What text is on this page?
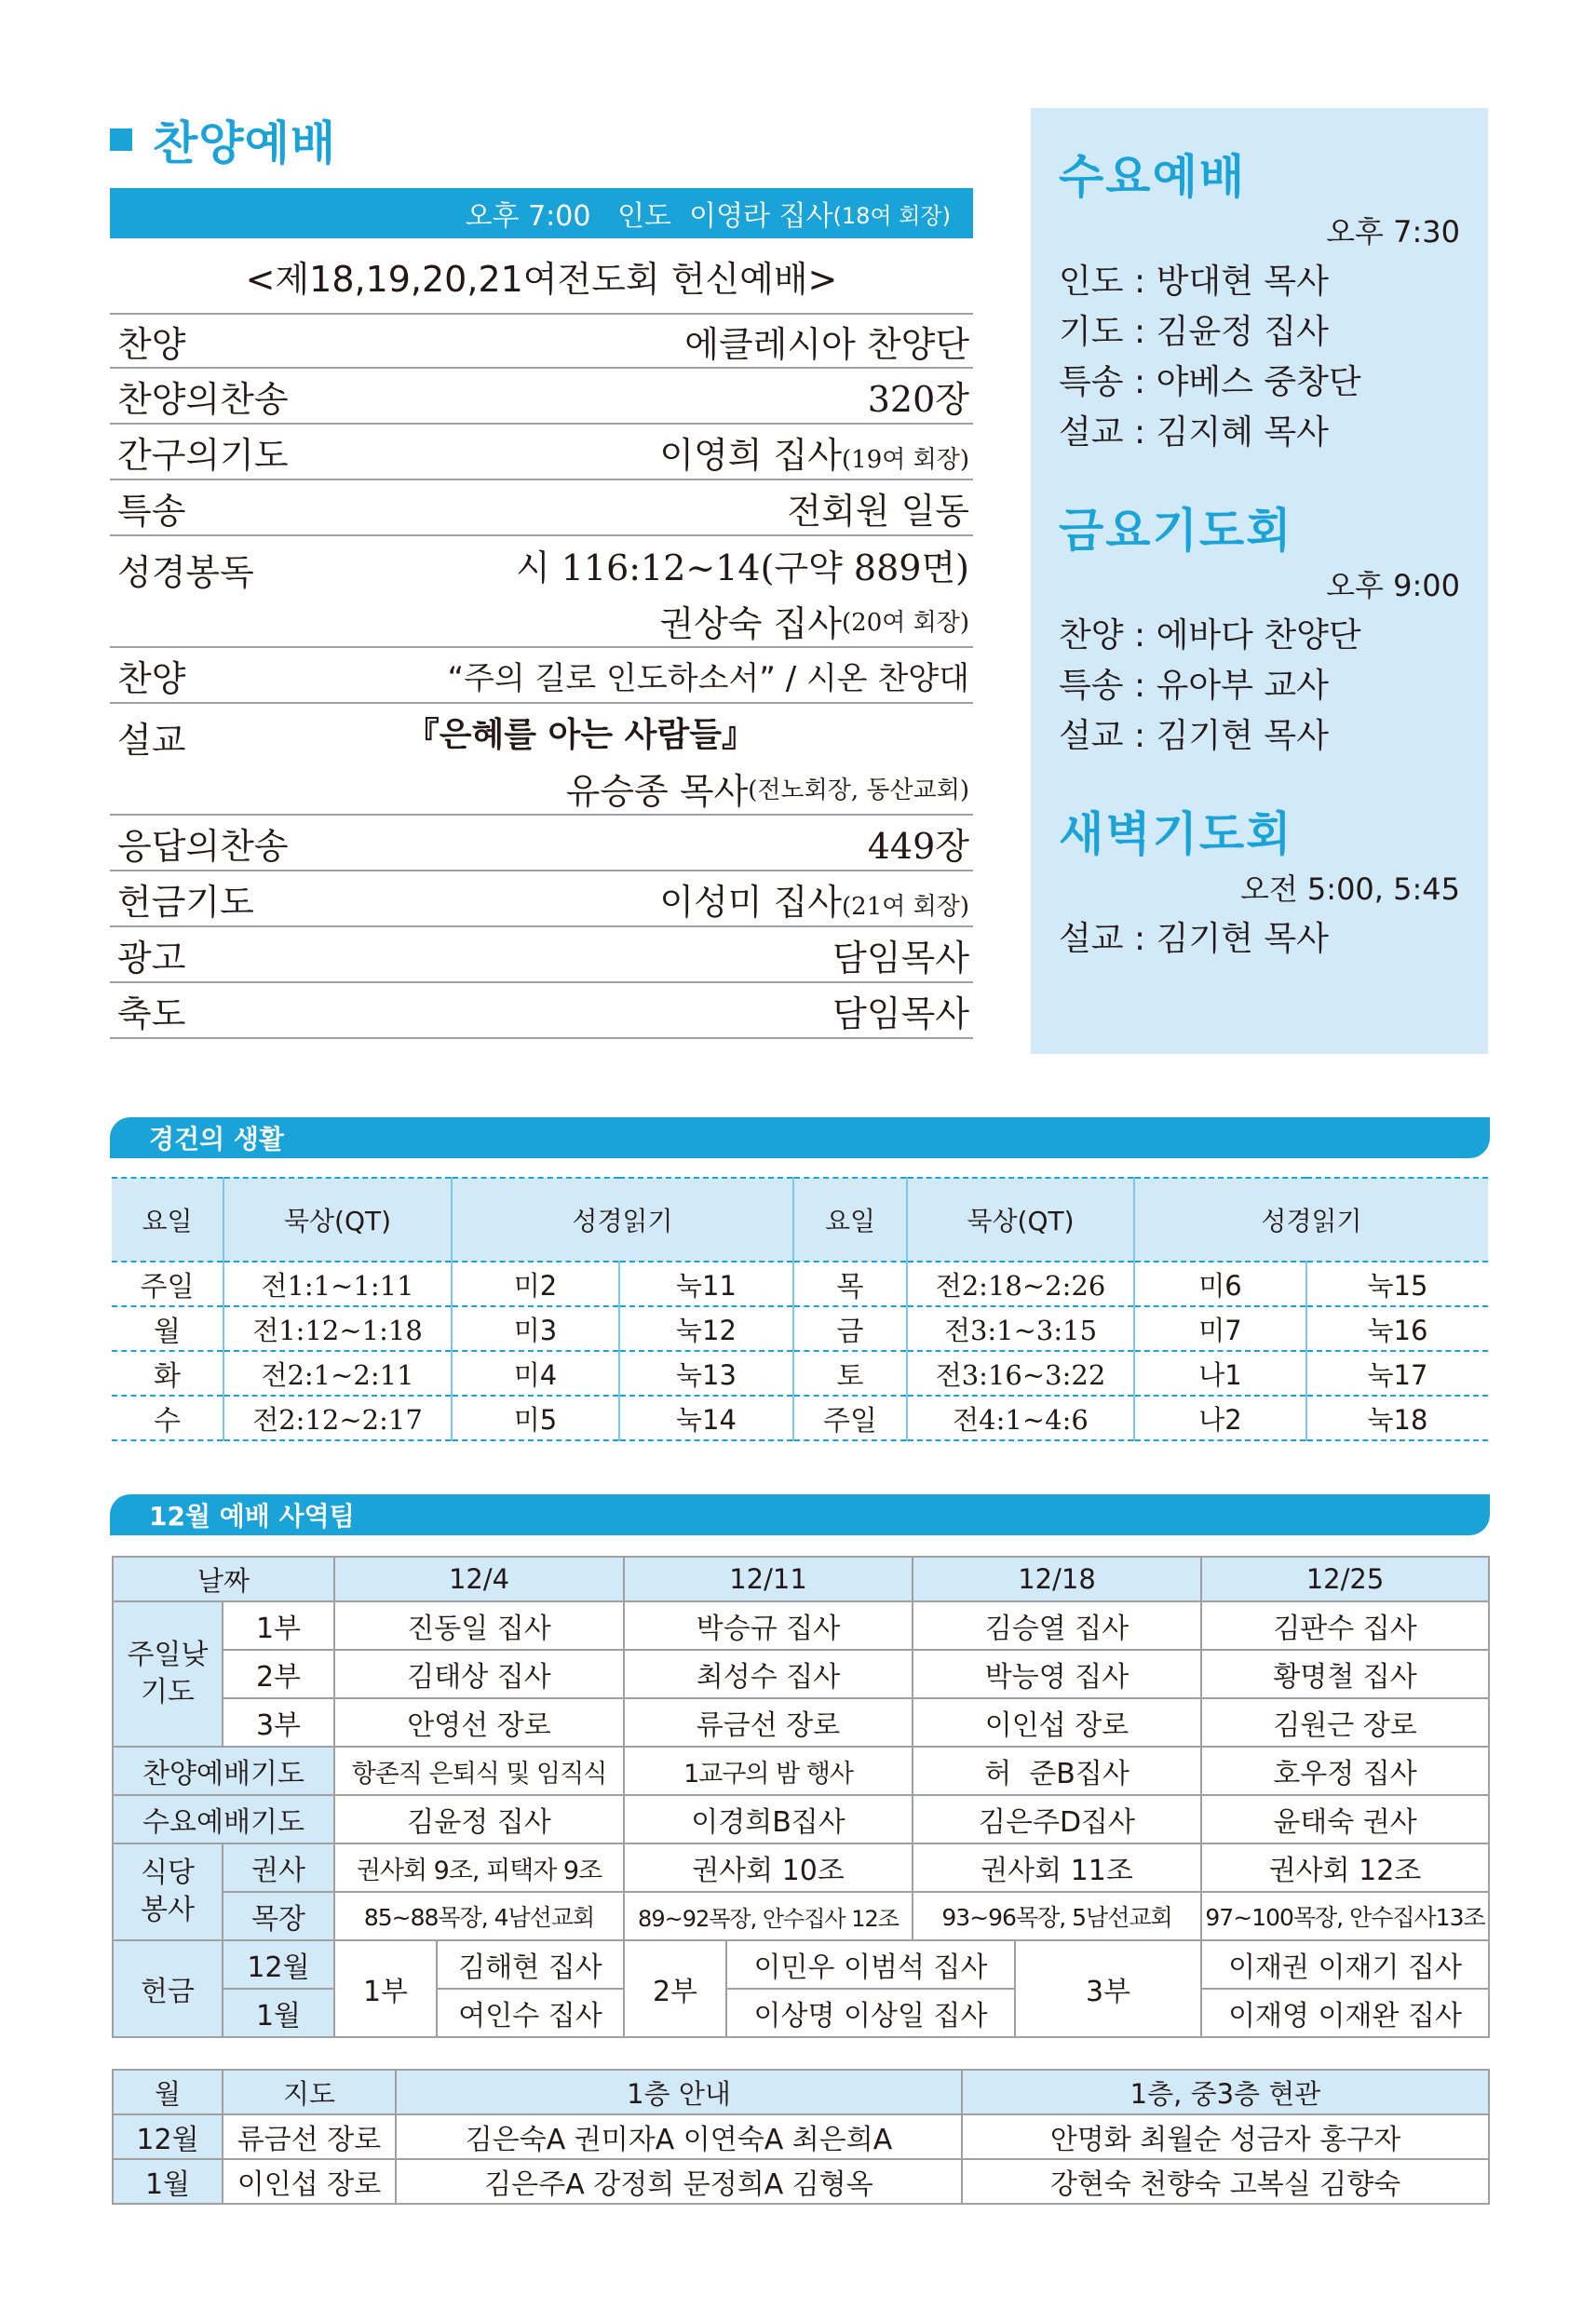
찬양예배
오후 7:00   인도  이영라 집사 (18여 회장)
<제18,19,20,21여전도회 헌신예배>
찬양	에클레시아 찬양단
찬양의찬송	320장
간구의기도	이영희 집사(19여 회장)
특송	전회원 일동
성경봉독	시 116:12~14(구약 889면)
권상숙 집사 (20여 회장)
찬양	“주의 길로 인도하소서” / 시온 찬양대
설교	『은혜를 아는 사람들』
유승종 목사 (전노회장, 동산교회)
응답의찬송	449장
헌금기도	이성미 집사(21여 회장)
광고	담임목사
축도	담임목사
수요예배
오후 7:30
인도 : 방대현 목사
기도 : 김윤정 집사
특송 : 야베스 중창단
설교 : 김지혜 목사
금요기도회
오후 9:00
찬양 : 에바다 찬양단
특송 : 유아부 교사
설교 : 김기현 목사
새벽기도회
오전 5:00, 5:45
설교 : 김기현 목사
경건의 생활
요일	묵상(QT)	성경읽기		요일	묵상(QT)	성경읽기	
주일	전1:1~1:11	미2	눅11	목	전2:18~2:26	미6	눅15
월	전1:12~1:18	미3	눅12	금	전3:1~3:15	미7	눅16
화	전2:1~2:11	미4	눅13	토	전3:16~3:22	나1	눅17
수	전2:12~2:17	미5	눅14	주일	전4:1~4:6	나2	눅18
12월 예배 사역팀
날짜		12/4		12/11		12/18		12/25
주일낮 기도	1부	진동일 집사		박승규 집사		김승열 집사		김판수 집사
	2부	김태상 집사		최성수 집사		박능영 집사		황명철 집사
	3부	안영선 장로		류금선 장로		이인섭 장로		김원근 장로
찬양예배기도		항존직 은퇴식 및 임직식		1교구의 밤 행사		허  준B집사		호우정 집사
수요예배기도		김윤정 집사		이경희B집사		김은주D집사		윤태숙 권사
식당 봉사	권사	권사회 9조, 피택자 9조		권사회 10조		권사회 11조		권사회 12조
	목장	85~88목장, 4남선교회		89~92목장, 안수집사 12조		93~96목장, 5남선교회		97~100목장, 안수집사13조
헌금	12월	1부	김해현 집사	2부	이민우 이범석 집사		3부	이재권 이재기 집사
	1월		여인수 집사		이상명 이상일 집사			이재영 이재완 집사
월	지도	1층 안내	1층, 중3층 현관
12월	류금선 장로	김은숙A 권미자A 이연숙A 최은희A	안명화 최월순 성금자 홍구자
1월	이인섭 장로	김은주A 강정희 문정희A 김형옥	강현숙 천향숙 고복실 김향숙
